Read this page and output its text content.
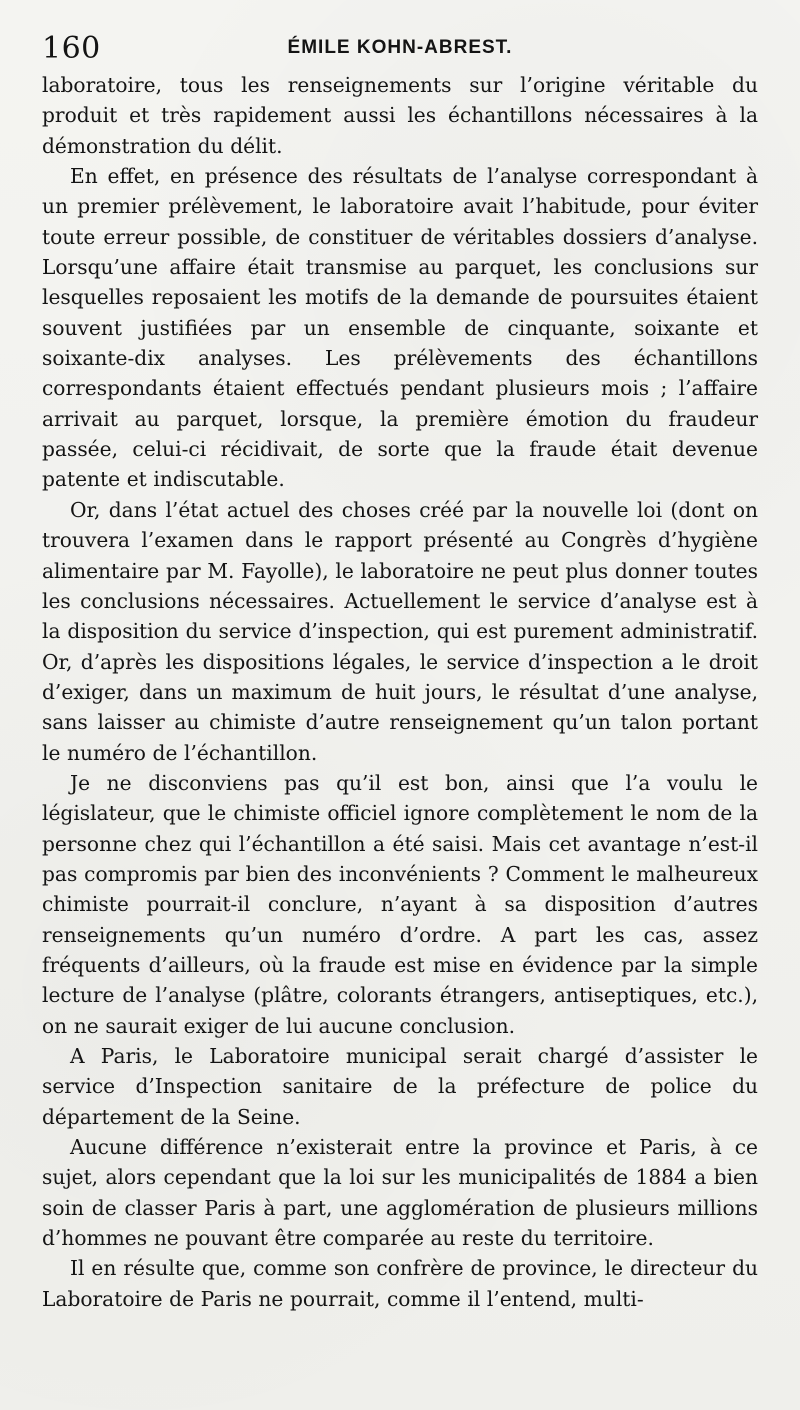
160	ÉMILE KOHN-ABREST.

laboratoire, tous les renseignements sur l’origine véritable du produit et très rapidement aussi les échantillons nécessaires à la démonstration du délit.

En effet, en présence des résultats de l’analyse correspondant à un premier prélèvement, le laboratoire avait l’habitude, pour éviter toute erreur possible, de constituer de véritables dossiers d’analyse. Lorsqu’une affaire était transmise au parquet, les conclusions sur lesquelles reposaient les motifs de la demande de poursuites étaient souvent justifiées par un ensemble de cinquante, soixante et soixante-dix analyses. Les prélèvements des échantillons correspondants étaient effectués pendant plusieurs mois ; l’affaire arrivait au parquet, lorsque, la première émotion du fraudeur passée, celui-ci récidivait, de sorte que la fraude était devenue patente et indiscutable.

Or, dans l’état actuel des choses créé par la nouvelle loi (dont on trouvera l’examen dans le rapport présenté au Congrès d’hygiène alimentaire par M. Fayolle), le laboratoire ne peut plus donner toutes les conclusions nécessaires. Actuellement le service d’analyse est à la disposition du service d’inspection, qui est purement administratif. Or, d’après les dispositions légales, le service d’inspection a le droit d’exiger, dans un maximum de huit jours, le résultat d’une analyse, sans laisser au chimiste d’autre renseignement qu’un talon portant le numéro de l’échantillon.

Je ne disconviens pas qu’il est bon, ainsi que l’a voulu le législateur, que le chimiste officiel ignore complètement le nom de la personne chez qui l’échantillon a été saisi. Mais cet avantage n’est-il pas compromis par bien des inconvénients ? Comment le malheureux chimiste pourrait-il conclure, n’ayant à sa disposition d’autres renseignements qu’un numéro d’ordre. A part les cas, assez fréquents d’ailleurs, où la fraude est mise en évidence par la simple lecture de l’analyse (plâtre, colorants étrangers, antiseptiques, etc.), on ne saurait exiger de lui aucune conclusion.

A Paris, le Laboratoire municipal serait chargé d’assister le service d’Inspection sanitaire de la préfecture de police du département de la Seine.

Aucune différence n’existerait entre la province et Paris, à ce sujet, alors cependant que la loi sur les municipalités de 1884 a bien soin de classer Paris à part, une agglomération de plusieurs millions d’hommes ne pouvant être comparée au reste du territoire.

Il en résulte que, comme son confrère de province, le directeur du Laboratoire de Paris ne pourrait, comme il l’entend, multi-
